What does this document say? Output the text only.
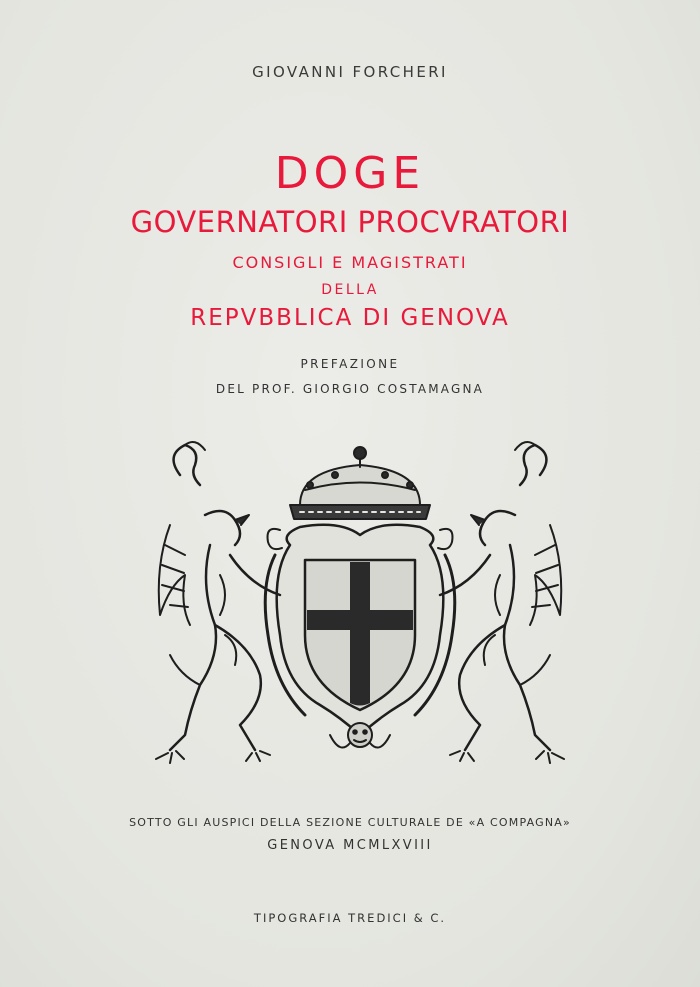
GIOVANNI FORCHERI
DOGE
GOVERNATORI PROCVRATORI
CONSIGLI E MAGISTRATI
DELLA
REPVBBLICA DI GENOVA
PREFAZIONE
DEL PROF. GIORGIO COSTAMAGNA
SOTTO GLI AUSPICI DELLA SEZIONE CULTURALE DE «A COMPAGNA»
GENOVA MCMLXVIII
TIPOGRAFIA TREDICI & C.
